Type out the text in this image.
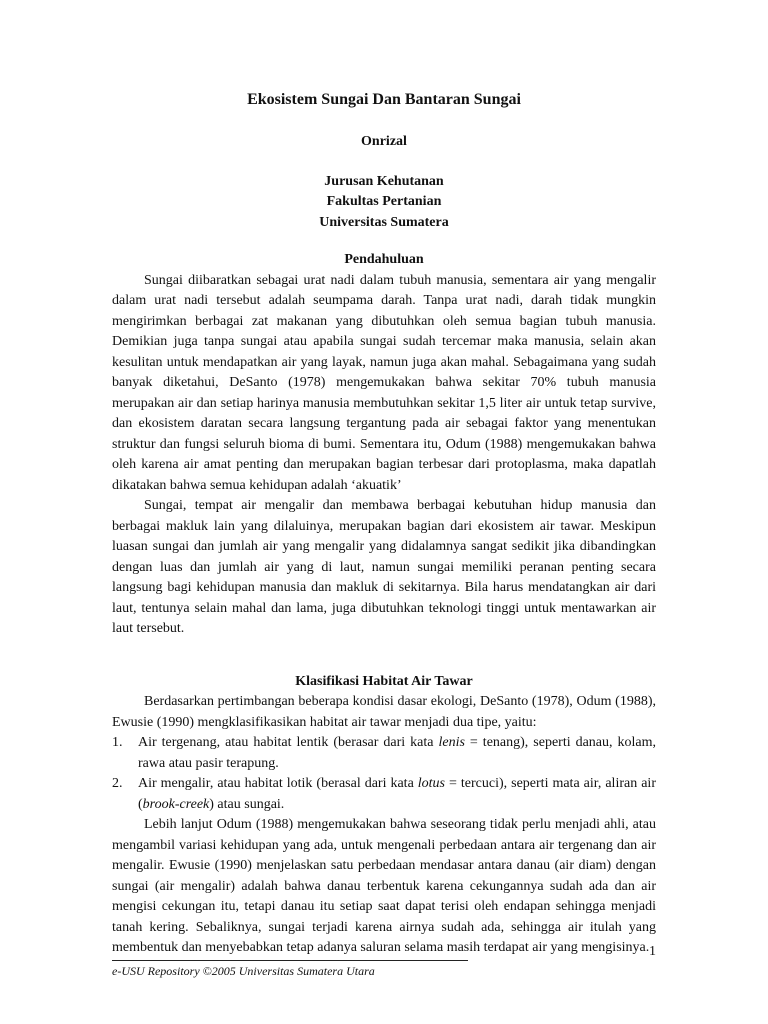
Ekosistem Sungai Dan Bantaran Sungai

Onrizal

Jurusan Kehutanan

Fakultas Pertanian

Universitas Sumatera

Pendahuluan

Sungai diibaratkan sebagai urat nadi dalam tubuh manusia, sementara air yang mengalir dalam urat nadi tersebut adalah seumpama darah. Tanpa urat nadi, darah tidak mungkin mengirimkan berbagai zat makanan yang dibutuhkan oleh semua bagian tubuh manusia. Demikian juga tanpa sungai atau apabila sungai sudah tercemar maka manusia, selain akan kesulitan untuk mendapatkan air yang layak, namun juga akan mahal. Sebagaimana yang sudah banyak diketahui, DeSanto (1978) mengemukakan bahwa sekitar 70% tubuh manusia merupakan air dan setiap harinya manusia membutuhkan sekitar 1,5 liter air untuk tetap survive, dan ekosistem daratan secara langsung tergantung pada air sebagai faktor yang menentukan struktur dan fungsi seluruh bioma di bumi. Sementara itu, Odum (1988) mengemukakan bahwa oleh karena air amat penting dan merupakan bagian terbesar dari protoplasma, maka dapatlah dikatakan bahwa semua kehidupan adalah ‘akuatik’

Sungai, tempat air mengalir dan membawa berbagai kebutuhan hidup manusia dan berbagai makluk lain yang dilaluinya, merupakan bagian dari ekosistem air tawar. Meskipun luasan sungai dan jumlah air yang mengalir yang didalamnya sangat sedikit jika dibandingkan dengan luas dan jumlah air yang di laut, namun sungai memiliki peranan penting secara langsung bagi kehidupan manusia dan makluk di sekitarnya. Bila harus mendatangkan air dari laut, tentunya selain mahal dan lama, juga dibutuhkan teknologi tinggi untuk mentawarkan air laut tersebut.

Klasifikasi Habitat Air Tawar

Berdasarkan pertimbangan beberapa kondisi dasar ekologi, DeSanto (1978), Odum (1988), Ewusie (1990) mengklasifikasikan habitat air tawar menjadi dua tipe, yaitu:

1. Air tergenang, atau habitat lentik (berasar dari kata lenis = tenang), seperti danau, kolam, rawa atau pasir terapung.
2. Air mengalir, atau habitat lotik (berasal dari kata lotus = tercuci), seperti mata air, aliran air (brook-creek) atau sungai.

Lebih lanjut Odum (1988) mengemukakan bahwa seseorang tidak perlu menjadi ahli, atau mengambil variasi kehidupan yang ada, untuk mengenali perbedaan antara air tergenang dan air mengalir. Ewusie (1990) menjelaskan satu perbedaan mendasar antara danau (air diam) dengan sungai (air mengalir) adalah bahwa danau terbentuk karena cekungannya sudah ada dan air mengisi cekungan itu, tetapi danau itu setiap saat dapat terisi oleh endapan sehingga menjadi tanah kering. Sebaliknya, sungai terjadi karena airnya sudah ada, sehingga air itulah yang membentuk dan menyebabkan tetap adanya saluran selama masih terdapat air yang mengisinya. 1
e-USU Repository ©2005 Universitas Sumatera Utara
